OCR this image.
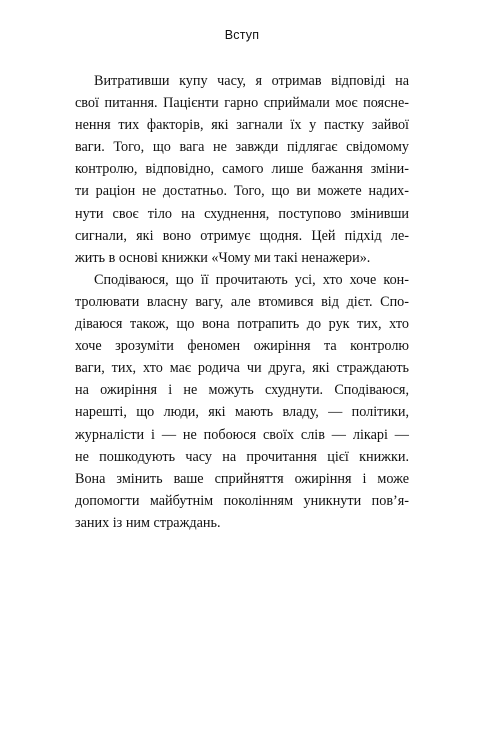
Вступ
Витративши купу часу, я отримав відповіді на
свої питання. Пацієнти гарно сприймали моє поясне-
нення тих факторів, які загнали їх у пастку зайвої
ваги. Того, що вага не завжди підлягає свідомому
контролю, відповідно, самого лише бажання зміни-
ти раціон не достатньо. Того, що ви можете надих-
нути своє тіло на схуднення, поступово змінивши
сигнали, які воно отримує щодня. Цей підхід ле-
жить в основі книжки «Чому ми такі ненажери».
Сподіваюся, що її прочитають усі, хто хоче кон-
тролювати власну вагу, але втомився від дієт. Спо-
діваюся також, що вона потрапить до рук тих, хто
хоче зрозуміти феномен ожиріння та контролю
ваги, тих, хто має родича чи друга, які страждають
на ожиріння і не можуть схуднути. Сподіваюся,
нарешті, що люди, які мають владу, — політики,
журналісти і — не побоюся своїх слів — лікарі —
не пошкодують часу на прочитання цієї книжки.
Вона змінить ваше сприйняття ожиріння і може
допомогти майбутнім поколінням уникнути пов’я-
заних із ним страждань.
